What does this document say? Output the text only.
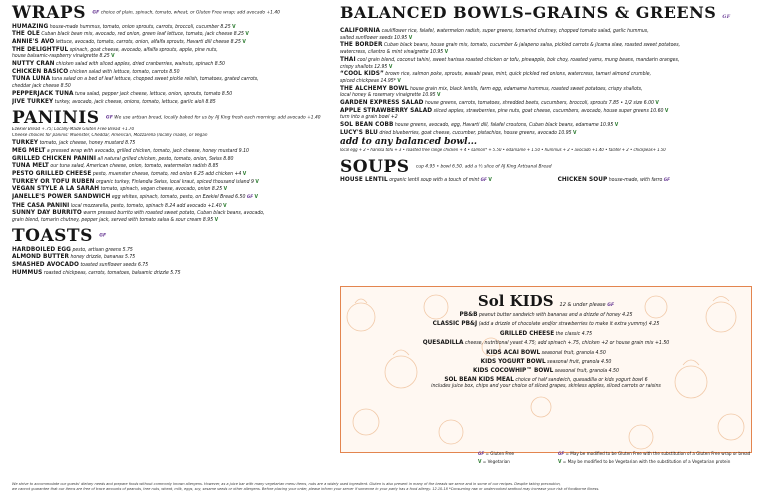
WRAPS GF choice of plain, spinach, tomato, wheat, or Gluten Free wrap; add avocado +1.40
HUMAZING house-made hummus, tomato, onion sprouts, carrots, broccoli, cucumber 8.25 V
THE OLÉ Cuban black bean mix, avocado, red onion, green leaf lettuce, tomato, jack cheese 8.25 V
ANNIE'S AVO lettuce, avocado, tomato, carrots, onion, alfalfa sprouts, Havarti dill cheese 8.25 V
THE DELIGHTFUL spinach, goat cheese, avocado, alfalfa sprouts, apple, pine nuts,
house balsamic-raspberry vinaigrette 8.25 V
NUTTY CRAN chicken salad with sliced apples, dried cranberries, walnuts, spinach 8.50
CHICKEN BÁSICO chicken salad with lettuce, tomato, carrots 8.50
TUNA LUNA tuna salad on a bed of leaf lettuce, chopped sweet pickle relish, tomatoes, grated carrots,
cheddar jack cheese 8.50
PEPPERJACK TUNA tuna salad, pepper jack cheese, lettuce, onion, sprouts, tomato 8.50
JIVE TURKEY turkey, avocado, jack cheese, onions, tomato, lettuce, garlic aioli 8.85
PANINIS GF We use artisan bread, locally baked for us by AJ King fresh each morning; add avocado +1.40
Ezekiel Bread +.75; Locally-Made Gluten Free Bread +1.70
Cheese choices for paninis: Muenster, Cheddar, American, Mozzarella (locally made), or Vegan
TURKEY tomato, jack cheese, honey mustard 8.75
MEG MELT a pressed wrap with avocado, grilled chicken, tomato, jack cheese, honey mustard 9.10
GRILLED CHICKEN PANINI all natural grilled chicken, pesto, tomato, onion, Swiss 8.80
TUNA MELT our tuna salad, American cheese, onion, tomato, watermelon radish 8.85
PESTO GRILLED CHEESE pesto, muenster cheese, tomato, red onion 6.25 add chicken +4 V
TURKEY OR TOFU RUBEN organic turkey, Finlandia Swiss, local kraut, spiced thousand island 9 V
VEGAN STYLE A LA SARAH tomato, spinach, vegan cheese, avocado, onion 8.25 V
JANELLE'S POWER SANDWICH egg whites, spinach, tomato, pesto, on Ezekiel Bread 6.50 GF V
THE CASA PANINI local mozzarella, pesto, tomato, spinach 8.24 add avocado +1.40 V
SUNNY DAY BURRITO warm pressed burrito with roasted sweet potato, Cuban black beans, avocado,
grain blend, tomarin chutney, pepper jack, served with tomato salsa & sour cream 8.95 V
TOASTS GF
HARDBOILED EGG pesto, artisan greens 5.75
ALMOND BUTTER honey drizzle, bananas 5.75
SMASHED AVOCADO toasted sunflower seeds 6.75
HUMMUS roasted chickpeas, carrots, tomatoes, balsamic drizzle 5.75
BALANCED BOWLS–GRAINS & GREENS GF
CALIFORNIA cauliflower rice, falafel, watermelon radish, super greens, tomarind chutney, chopped tomato salad, garlic hummus,
salted sunflower seeds 10.95 V
THE BORDER Cuban black beans, house grain mix, tomato, cucumber & jalapeno salsa, pickled carrots & jicama slaw, roasted sweet potatoes,
watercress, cilantro & mint vinaigrette 10.95 V
THAI cool grain blend, coconut tahini, sweet harissa roasted chicken or tofu, pineapple, bok choy, roasted yams, mung beans, mandarin oranges,
crispy shallots 12.95 V
“COOL KIDS” brown rice, salmon poke, sprouts, wasabi peas, mint, quick pickled red onions, watercress, tamari almond crumble,
spiced chickpeas 14.95* V
THE ALCHEMY BOWL house grain mix, black lentils, farm egg, edamame hummus, roasted sweet potatoes, crispy shallots,
local honey & rosemary vinaigrette 10.95 V
GARDEN EXPRESS SALAD house greens, carrots, tomatoes, shredded beets, cucumbers, broccoli, sprouts 7.85 • 1/2 size 6.00 V
APPLE STRAWBERRY SALAD sliced apples, strawberries, pine nuts, goat cheese, cucumbers, avocado, house super greens 10.60 V
turn into a grain bowl +2
SOL BEAN COBB house greens, avocado, egg, Havarti dill, falafel croutons, Cuban black beans, edamame 10.95 V
LUCY'S BLU dried blueberries, goat cheese, cucumber, pistachios, house greens, avocado 10.95 V
add to any balanced bowl...
local egg + 2 • harissa tofu + 3 • roasted free range chicken + 4 • salmon* + 5.50 • edamame + 1.50 • hummus + 2 • avocado +1.40 • falafel + 2 • chickpeas+ 1.50
SOUPS cup 4.95 • bowl 6.50. add a ½ slice of AJ King Artisanal Bread
HOUSE LENTIL organic lentil soup with a touch of mint GF V	CHICKEN SOUP house-made, with farro GF
Sol KIDS 12 & under please GF
PB&B peanut butter sandwich with bananas and a drizzle of honey 4.25
CLASSIC PB&J (add a drizzle of chocolate and/or strawberries to make it extra yummy) 4.25
GRILLED CHEESE the classic 4.75
QUESADILLA cheese, nutritional yeast 4.75; add spinach +.75, chicken +2 or house grain mix +1.50
KIDS ACAI BOWL seasonal fruit, granola 4.50
KIDS YOGURT BOWL seasonal fruit, granola 4.50
KIDS COCOWHIP™ BOWL seasonal fruit, granola 4.50
SOL BEAN KIDS MEAL choice of half sandwich, quesadilla or kids yogurt bowl 6
includes juice box, chips and your choice of sliced grapes, skinless apples, sliced carrots or raisins
GF = Gluten Free	GF = May be modified to be Gluten Free with the substitution of a Gluten Free wrap or bread
V = Vegetarian	V = May be modified to be Vegetarian with the substitution of a Vegetarian protein
We strive to accommodate our guests' dietary needs and prepare foods without commonly known allergens. However, as a juice bar with many vegetarian menu items, nuts are a widely used ingredient. Gluten is also present in many of the breads we serve and in some of our recipes. Despite taking precaution,
we cannot guarantee that our items are free of trace amounts of peanuts, tree nuts, wheat, milk, eggs, soy, sesame seeds or other allergens. Before placing your order, please inform your server if someone in your party has a food allergy. 12.10.18 *Consuming raw or undercooked seafood may increase your risk of foodborne illness.
